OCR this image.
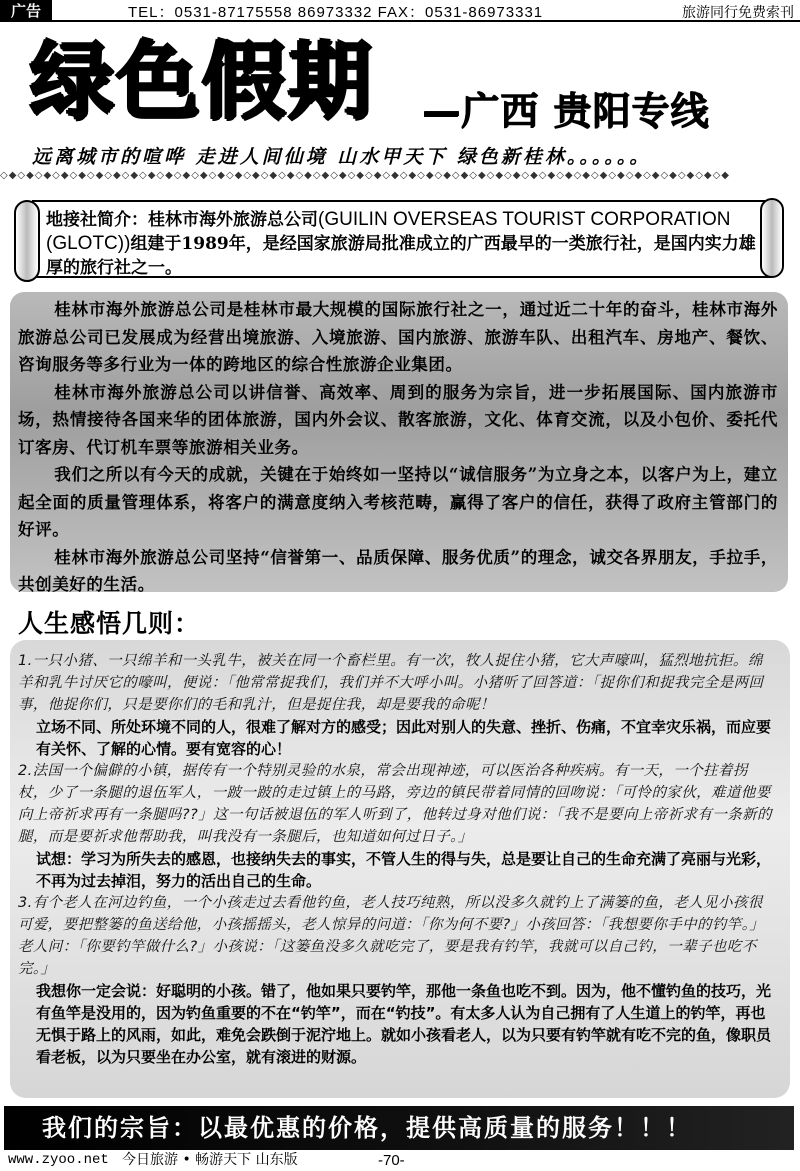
广告	TEL：0531-87175558 86973332 FAX：0531-86973331	旅游同行免费索刊
绿色假期 —广西 贵阳专线
远离城市的喧哗 走进人间仙境 山水甲天下 绿色新桂林。。。。。。
◇◆◇◆◇◆◇◆◇◆◇◆◇◆◇◆◇◆◇◆◇◆◇◆◇◆◇◆◇◆◇◆◇◆◇◆◇◆◇◆◇◆◇◆◇◆◇◆◇◆◇◆◇◆◇◆◇◆◇◆◇◆◇◆◇◆◇◆◇◆◇◆◇◆◇◆◇◆◇◆◇◆◇◆
地接社简介：桂林市海外旅游总公司(GUILIN OVERSEAS TOURIST CORPORATION (GLOTC))组建于1989年，是经国家旅游局批准成立的广西最早的一类旅行社，是国内实力雄厚的旅行社之一。

桂林市海外旅游总公司是桂林市最大规模的国际旅行社之一，通过近二十年的奋斗，桂林市海外旅游总公司已发展成为经营出境旅游、入境旅游、国内旅游、旅游车队、出租汽车、房地产、餐饮、咨询服务等多行业为一体的跨地区的综合性旅游企业集团。

桂林市海外旅游总公司以讲信誉、高效率、周到的服务为宗旨，进一步拓展国际、国内旅游市场，热情接待各国来华的团体旅游，国内外会议、散客旅游，文化、体育交流，以及小包价、委托代订客房、代订机车票等旅游相关业务。

我们之所以有今天的成就，关键在于始终如一坚持以“诚信服务”为立身之本，以客户为上，建立起全面的质量管理体系，将客户的满意度纳入考核范畴，赢得了客户的信任，获得了政府主管部门的好评。

桂林市海外旅游总公司坚持“信誉第一、品质保障、服务优质”的理念，诚交各界朋友，手拉手，共创美好的生活。

人生感悟几则：
1.一只小猪、一只绵羊和一头乳牛，被关在同一个畜栏里。有一次，牧人捉住小猪，它大声嚎叫，猛烈地抗拒。绵羊和乳牛讨厌它的嚎叫，便说：「他常常捉我们，我们并不大呼小叫。小猪听了回答道：「捉你们和捉我完全是两回事，他捉你们，只是要你们的毛和乳汁，但是捉住我，却是要我的命呢！
立场不同、所处环境不同的人，很难了解对方的感受；因此对别人的失意、挫折、伤痛，不宜幸灾乐祸，而应要有关怀、了解的心情。要有宽容的心！
2.法国一个偏僻的小镇，据传有一个特别灵验的水泉，常会出现神迹，可以医治各种疾病。有一天，一个拄着拐杖，少了一条腿的退伍军人，一跛一跛的走过镇上的马路，旁边的镇民带着同情的回吻说：「可怜的家伙，难道他要向上帝祈求再有一条腿吗??」这一句话被退伍的军人听到了，他转过身对他们说：「我不是要向上帝祈求有一条新的腿，而是要祈求他帮助我，叫我没有一条腿后，也知道如何过日子。」
试想：学习为所失去的感恩，也接纳失去的事实，不管人生的得与失，总是要让自己的生命充满了亮丽与光彩，不再为过去掉泪，努力的活出自己的生命。
3.有个老人在河边钓鱼，一个小孩走过去看他钓鱼，老人技巧纯熟，所以没多久就钓上了满篓的鱼，老人见小孩很可爱，要把整篓的鱼送给他，小孩摇摇头，老人惊异的问道：「你为何不要?」小孩回答：「我想要你手中的钓竿。」老人问：「你要钓竿做什么?」小孩说：「这篓鱼没多久就吃完了，要是我有钓竿，我就可以自己钓，一辈子也吃不完。」
我想你一定会说：好聪明的小孩。错了，他如果只要钓竿，那他一条鱼也吃不到。因为，他不懂钓鱼的技巧，光有鱼竿是没用的，因为钓鱼重要的不在“钓竿”，而在“钓技”。有太多人认为自己拥有了人生道上的钓竿，再也无惧于路上的风雨，如此，难免会跌倒于泥泞地上。就如小孩看老人，以为只要有钓竿就有吃不完的鱼，像职员看老板，以为只要坐在办公室，就有滚进的财源。
我们的宗旨：以最优惠的价格，提供高质量的服务！！！
www.zyoo.net 今日旅游 • 畅游天下 山东版	-70-
